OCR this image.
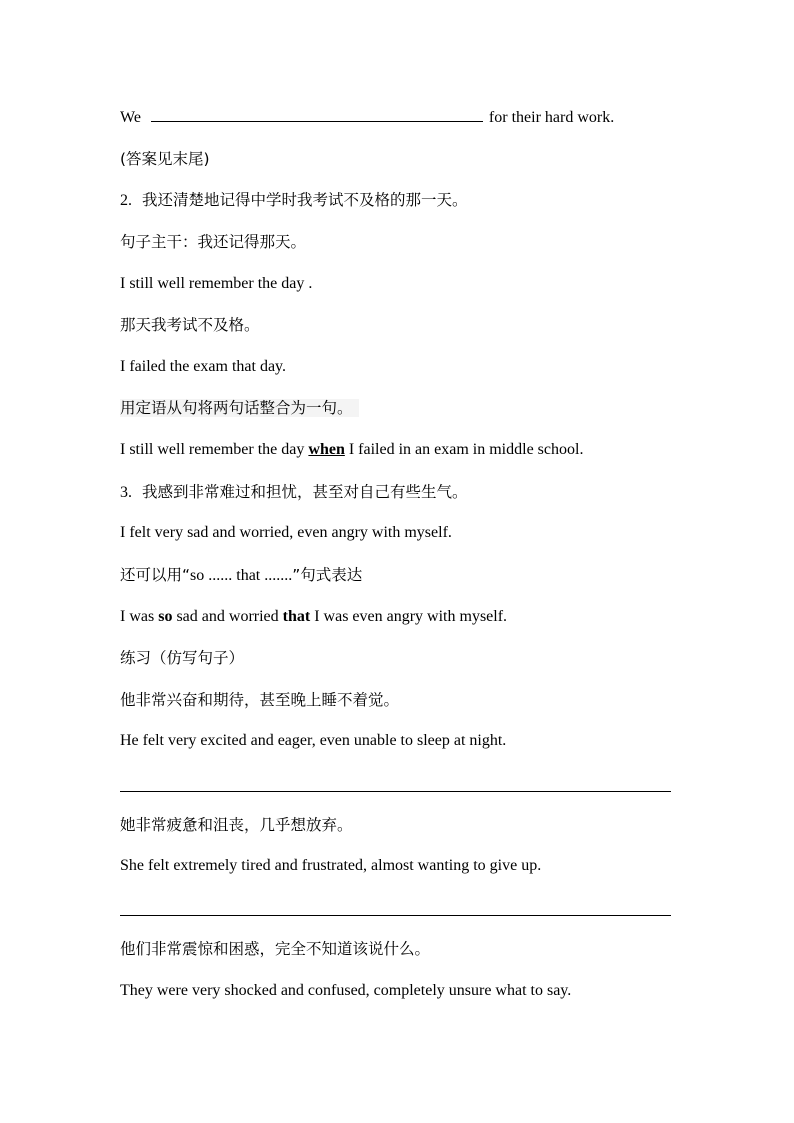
We	for their hard work.
(答案见末尾)
2. 我还清楚地记得中学时我考试不及格的那一天。
句子主干：我还记得那天。
I still well remember the day .
那天我考试不及格。
I failed the exam that day.
用定语从句将两句话整合为一句。
I still well remember the day when I failed in an exam in middle school.
3. 我感到非常难过和担忧，甚至对自己有些生气。
I felt very sad and worried, even angry with myself.
还可以用“so ...... that .......”句式表达
I was so sad and worried that I was even angry with myself.
练习（仿写句子）
他非常兴奋和期待，甚至晚上睡不着觉。
He felt very excited and eager, even unable to sleep at night.
她非常疲惫和沮丧，几乎想放弃。
She felt extremely tired and frustrated, almost wanting to give up.
他们非常震惊和困惑，完全不知道该说什么。
They were very shocked and confused, completely unsure what to say.
